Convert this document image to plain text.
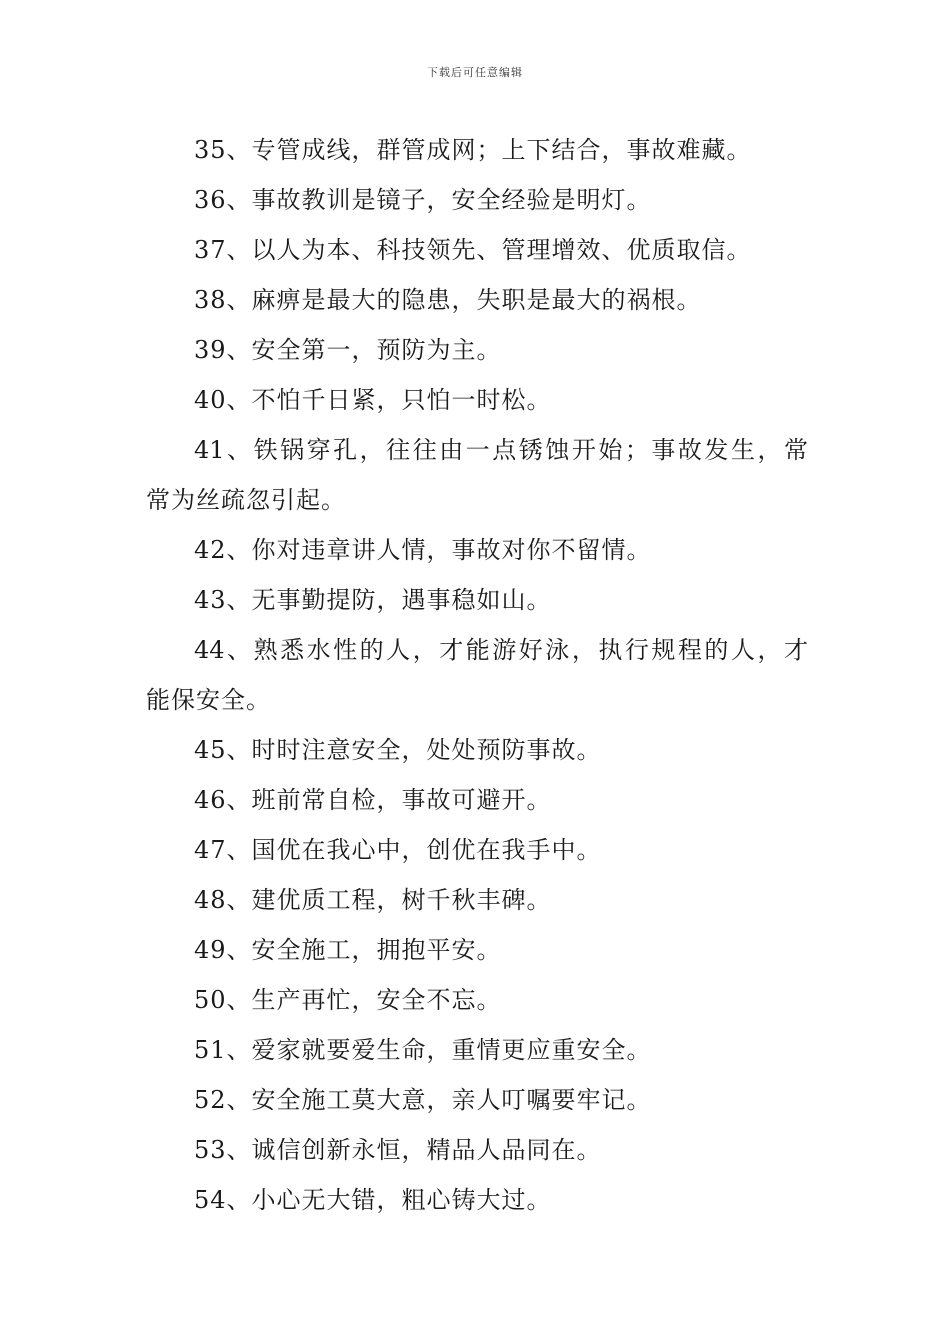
下载后可任意编辑
35、专管成线，群管成网；上下结合，事故难藏。
36、事故教训是镜子，安全经验是明灯。
37、以人为本、科技领先、管理增效、优质取信。
38、麻痹是最大的隐患，失职是最大的祸根。
39、安全第一，预防为主。
40、不怕千日紧，只怕一时松。
41、铁锅穿孔，往往由一点锈蚀开始；事故发生，常
常为丝疏忽引起。
42、你对违章讲人情，事故对你不留情。
43、无事勤提防，遇事稳如山。
44、熟悉水性的人，才能游好泳，执行规程的人，才
能保安全。
45、时时注意安全，处处预防事故。
46、班前常自检，事故可避开。
47、国优在我心中，创优在我手中。
48、建优质工程，树千秋丰碑。
49、安全施工，拥抱平安。
50、生产再忙，安全不忘。
51、爱家就要爱生命，重情更应重安全。
52、安全施工莫大意，亲人叮嘱要牢记。
53、诚信创新永恒，精品人品同在。
54、小心无大错，粗心铸大过。
